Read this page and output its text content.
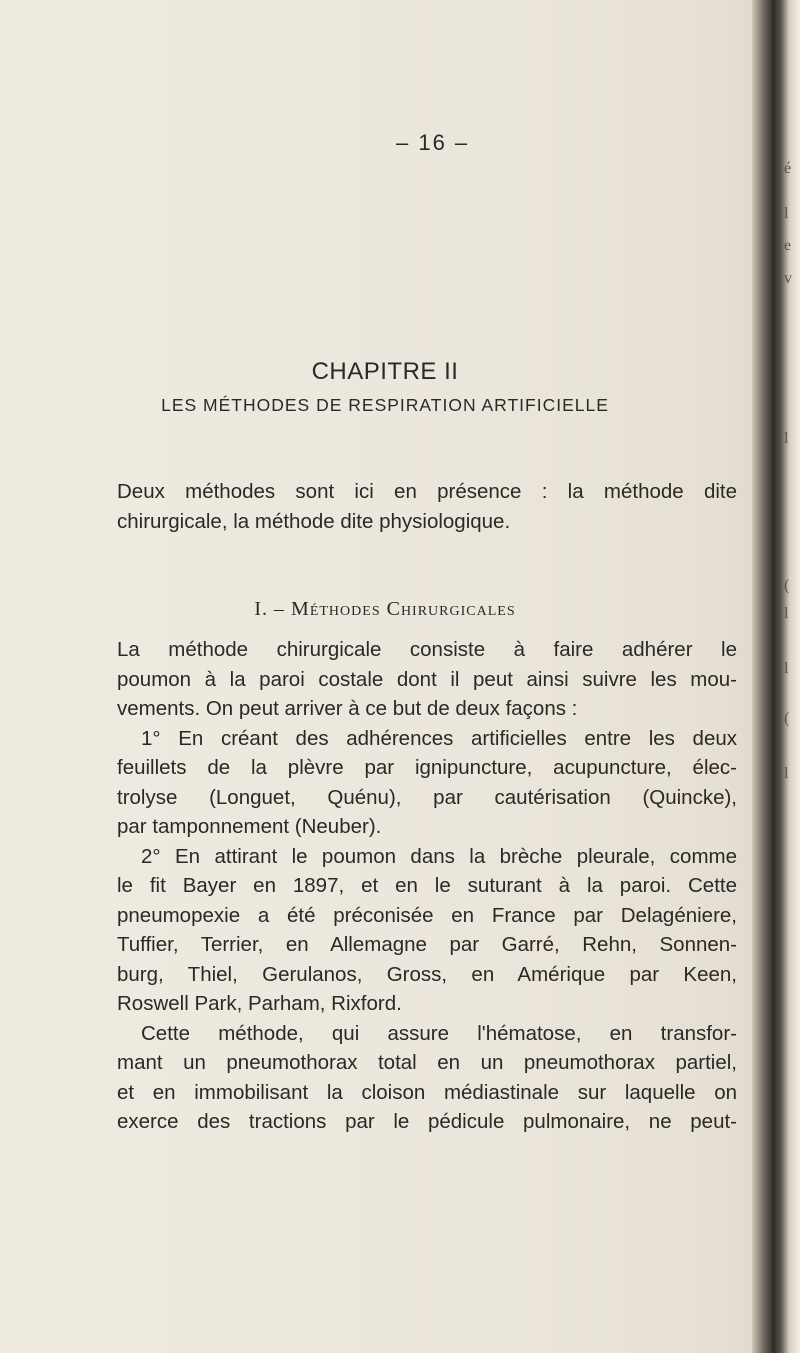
– 16 –
CHAPITRE II
LES MÉTHODES DE RESPIRATION ARTIFICIELLE
Deux méthodes sont ici en présence : la méthode dite
chirurgicale, la méthode dite physiologique.
I. – Méthodes Chirurgicales
La méthode chirurgicale consiste à faire adhérer le
poumon à la paroi costale dont il peut ainsi suivre les mou-
vements. On peut arriver à ce but de deux façons :
1° En créant des adhérences artificielles entre les deux
feuillets de la plèvre par ignipuncture, acupuncture, élec-
trolyse (Longuet, Quénu), par cautérisation (Quincke),
par tamponnement (Neuber).
2° En attirant le poumon dans la brèche pleurale, comme
le fit Bayer en 1897, et en le suturant à la paroi. Cette
pneumopexie a été préconisée en France par Delagéniere,
Tuffier, Terrier, en Allemagne par Garré, Rehn, Sonnen-
burg, Thiel, Gerulanos, Gross, en Amérique par Keen,
Roswell Park, Parham, Rixford.
Cette méthode, qui assure l'hématose, en transfor-
mant un pneumothorax total en un pneumothorax partiel,
et en immobilisant la cloison médiastinale sur laquelle on
exerce des tractions par le pédicule pulmonaire, ne peut-
é
l
e
v
l
(
l
l
(
l
